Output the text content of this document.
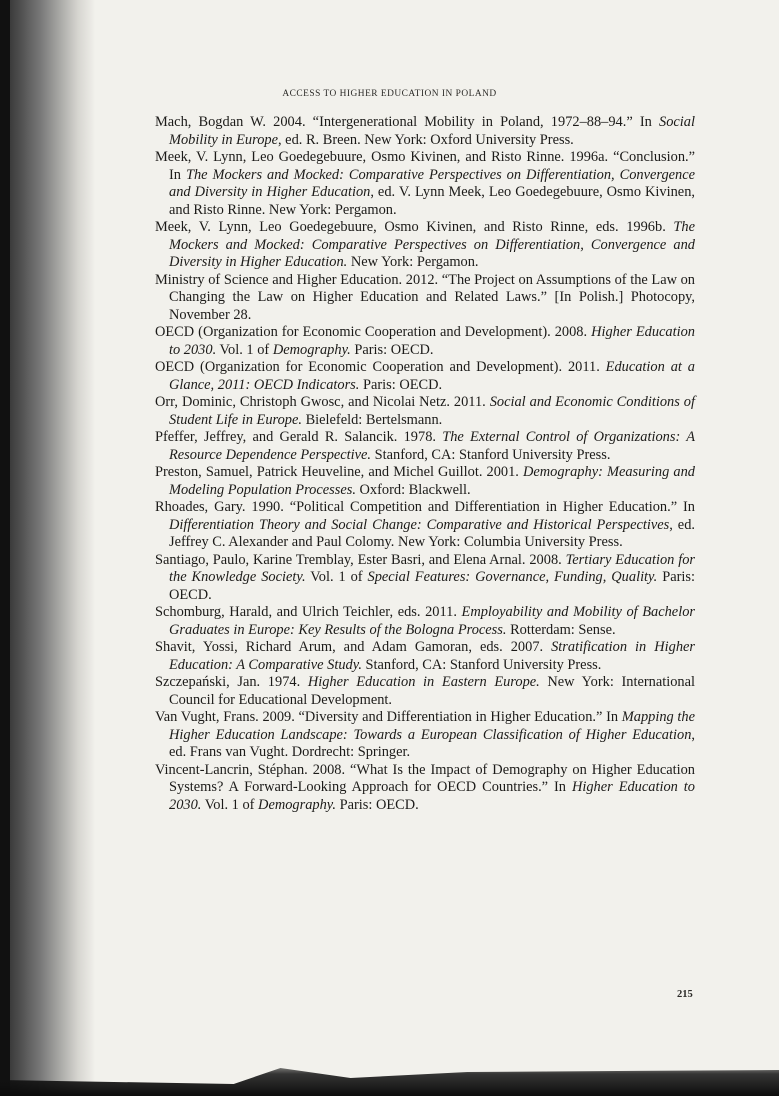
ACCESS TO HIGHER EDUCATION IN POLAND
Mach, Bogdan W. 2004. “Intergenerational Mobility in Poland, 1972–88–94.” In Social Mobility in Europe, ed. R. Breen. New York: Oxford University Press.
Meek, V. Lynn, Leo Goedegebuure, Osmo Kivinen, and Risto Rinne. 1996a. “Conclusion.” In The Mockers and Mocked: Comparative Perspectives on Differentiation, Convergence and Diversity in Higher Education, ed. V. Lynn Meek, Leo Goedegebuure, Osmo Kivinen, and Risto Rinne. New York: Pergamon.
Meek, V. Lynn, Leo Goedegebuure, Osmo Kivinen, and Risto Rinne, eds. 1996b. The Mockers and Mocked: Comparative Perspectives on Differentiation, Convergence and Diversity in Higher Education. New York: Pergamon.
Ministry of Science and Higher Education. 2012. “The Project on Assumptions of the Law on Changing the Law on Higher Education and Related Laws.” [In Polish.] Photocopy, November 28.
OECD (Organization for Economic Cooperation and Development). 2008. Higher Education to 2030. Vol. 1 of Demography. Paris: OECD.
OECD (Organization for Economic Cooperation and Development). 2011. Education at a Glance, 2011: OECD Indicators. Paris: OECD.
Orr, Dominic, Christoph Gwosc, and Nicolai Netz. 2011. Social and Economic Conditions of Student Life in Europe. Bielefeld: Bertelsmann.
Pfeffer, Jeffrey, and Gerald R. Salancik. 1978. The External Control of Organizations: A Resource Dependence Perspective. Stanford, CA: Stanford University Press.
Preston, Samuel, Patrick Heuveline, and Michel Guillot. 2001. Demography: Measuring and Modeling Population Processes. Oxford: Blackwell.
Rhoades, Gary. 1990. “Political Competition and Differentiation in Higher Education.” In Differentiation Theory and Social Change: Comparative and Historical Perspectives, ed. Jeffrey C. Alexander and Paul Colomy. New York: Columbia University Press.
Santiago, Paulo, Karine Tremblay, Ester Basri, and Elena Arnal. 2008. Tertiary Education for the Knowledge Society. Vol. 1 of Special Features: Governance, Funding, Quality. Paris: OECD.
Schomburg, Harald, and Ulrich Teichler, eds. 2011. Employability and Mobility of Bachelor Graduates in Europe: Key Results of the Bologna Process. Rotterdam: Sense.
Shavit, Yossi, Richard Arum, and Adam Gamoran, eds. 2007. Stratification in Higher Education: A Comparative Study. Stanford, CA: Stanford University Press.
Szczepański, Jan. 1974. Higher Education in Eastern Europe. New York: International Council for Educational Development.
Van Vught, Frans. 2009. “Diversity and Differentiation in Higher Education.” In Mapping the Higher Education Landscape: Towards a European Classification of Higher Education, ed. Frans van Vught. Dordrecht: Springer.
Vincent-Lancrin, Stéphan. 2008. “What Is the Impact of Demography on Higher Education Systems? A Forward-Looking Approach for OECD Countries.” In Higher Education to 2030. Vol. 1 of Demography. Paris: OECD.
215
